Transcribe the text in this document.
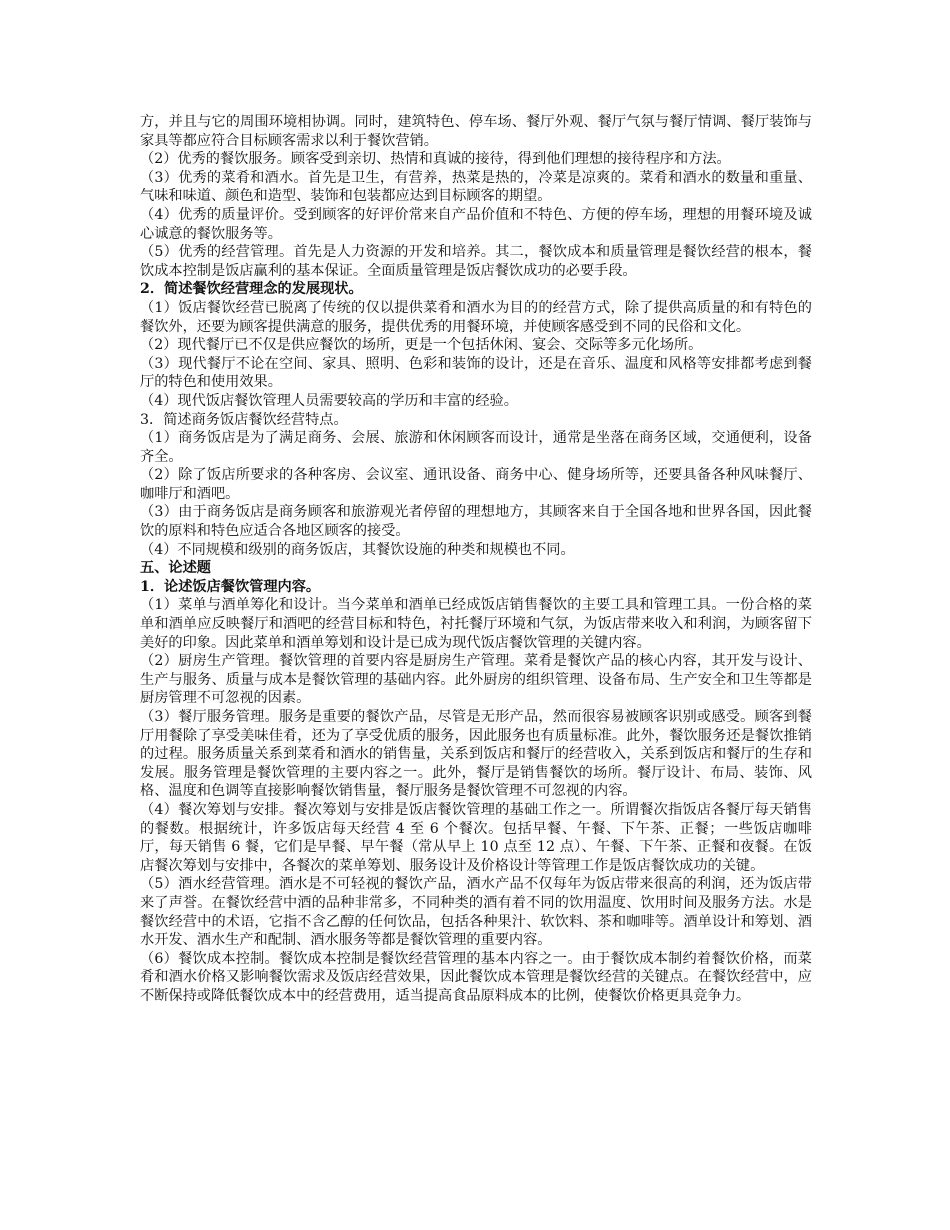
方，并且与它的周围环境相协调。同时，建筑特色、停车场、餐厅外观、餐厅气氛与餐厅情调、餐厅装饰与家具等都应符合目标顾客需求以利于餐饮营销。

（2）优秀的餐饮服务。顾客受到亲切、热情和真诚的接待，得到他们理想的接待程序和方法。

（3）优秀的菜肴和酒水。首先是卫生，有营养，热菜是热的，冷菜是凉爽的。菜肴和酒水的数量和重量、气味和味道、颜色和造型、装饰和包装都应达到目标顾客的期望。

（4）优秀的质量评价。受到顾客的好评价常来自产品价值和不特色、方便的停车场，理想的用餐环境及诚心诚意的餐饮服务等。

（5）优秀的经营管理。首先是人力资源的开发和培养。其二，餐饮成本和质量管理是餐饮经营的根本，餐饮成本控制是饭店赢利的基本保证。全面质量管理是饭店餐饮成功的必要手段。

2．简述餐饮经营理念的发展现状。

（1）饭店餐饮经营已脱离了传统的仅以提供菜肴和酒水为目的的经营方式，除了提供高质量的和有特色的餐饮外，还要为顾客提供满意的服务，提供优秀的用餐环境，并使顾客感受到不同的民俗和文化。

（2）现代餐厅已不仅是供应餐饮的场所，更是一个包括休闲、宴会、交际等多元化场所。

（3）现代餐厅不论在空间、家具、照明、色彩和装饰的设计，还是在音乐、温度和风格等安排都考虑到餐厅的特色和使用效果。

（4）现代饭店餐饮管理人员需要较高的学历和丰富的经验。

3．简述商务饭店餐饮经营特点。

（1）商务饭店是为了满足商务、会展、旅游和休闲顾客而设计，通常是坐落在商务区域，交通便利，设备齐全。

（2）除了饭店所要求的各种客房、会议室、通讯设备、商务中心、健身场所等，还要具备各种风味餐厅、咖啡厅和酒吧。

（3）由于商务饭店是商务顾客和旅游观光者停留的理想地方，其顾客来自于全国各地和世界各国，因此餐饮的原料和特色应适合各地区顾客的接受。

（4）不同规模和级别的商务饭店，其餐饮设施的种类和规模也不同。

五、论述题

1．论述饭店餐饮管理内容。

（1）菜单与酒单筹化和设计。当今菜单和酒单已经成饭店销售餐饮的主要工具和管理工具。一份合格的菜单和酒单应反映餐厅和酒吧的经营目标和特色，衬托餐厅环境和气氛，为饭店带来收入和利润，为顾客留下美好的印象。因此菜单和酒单筹划和设计是已成为现代饭店餐饮管理的关键内容。

（2）厨房生产管理。餐饮管理的首要内容是厨房生产管理。菜肴是餐饮产品的核心内容，其开发与设计、生产与服务、质量与成本是餐饮管理的基础内容。此外厨房的组织管理、设备布局、生产安全和卫生等都是厨房管理不可忽视的因素。

（3）餐厅服务管理。服务是重要的餐饮产品，尽管是无形产品，然而很容易被顾客识别或感受。顾客到餐厅用餐除了享受美味佳肴，还为了享受优质的服务，因此服务也有质量标准。此外，餐饮服务还是餐饮推销的过程。服务质量关系到菜肴和酒水的销售量，关系到饭店和餐厅的经营收入，关系到饭店和餐厅的生存和发展。服务管理是餐饮管理的主要内容之一。此外，餐厅是销售餐饮的场所。餐厅设计、布局、装饰、风格、温度和色调等直接影响餐饮销售量，餐厅服务是餐饮管理不可忽视的内容。

（4）餐次筹划与安排。餐次筹划与安排是饭店餐饮管理的基础工作之一。所谓餐次指饭店各餐厅每天销售的餐数。根据统计，许多饭店每天经营 4 至 6 个餐次。包括早餐、午餐、下午茶、正餐；一些饭店咖啡厅，每天销售 6 餐，它们是早餐、早午餐（常从早上 10 点至 12 点）、午餐、下午茶、正餐和夜餐。在饭店餐次筹划与安排中，各餐次的菜单筹划、服务设计及价格设计等管理工作是饭店餐饮成功的关键。

（5）酒水经营管理。酒水是不可轻视的餐饮产品，酒水产品不仅每年为饭店带来很高的利润，还为饭店带来了声誉。在餐饮经营中酒的品种非常多，不同种类的酒有着不同的饮用温度、饮用时间及服务方法。水是餐饮经营中的术语，它指不含乙醇的任何饮品，包括各种果汁、软饮料、茶和咖啡等。酒单设计和筹划、酒水开发、酒水生产和配制、酒水服务等都是餐饮管理的重要内容。

（6）餐饮成本控制。餐饮成本控制是餐饮经营管理的基本内容之一。由于餐饮成本制约着餐饮价格，而菜肴和酒水价格又影响餐饮需求及饭店经营效果，因此餐饮成本管理是餐饮经营的关键点。在餐饮经营中，应不断保持或降低餐饮成本中的经营费用，适当提高食品原料成本的比例，使餐饮价格更具竞争力。
